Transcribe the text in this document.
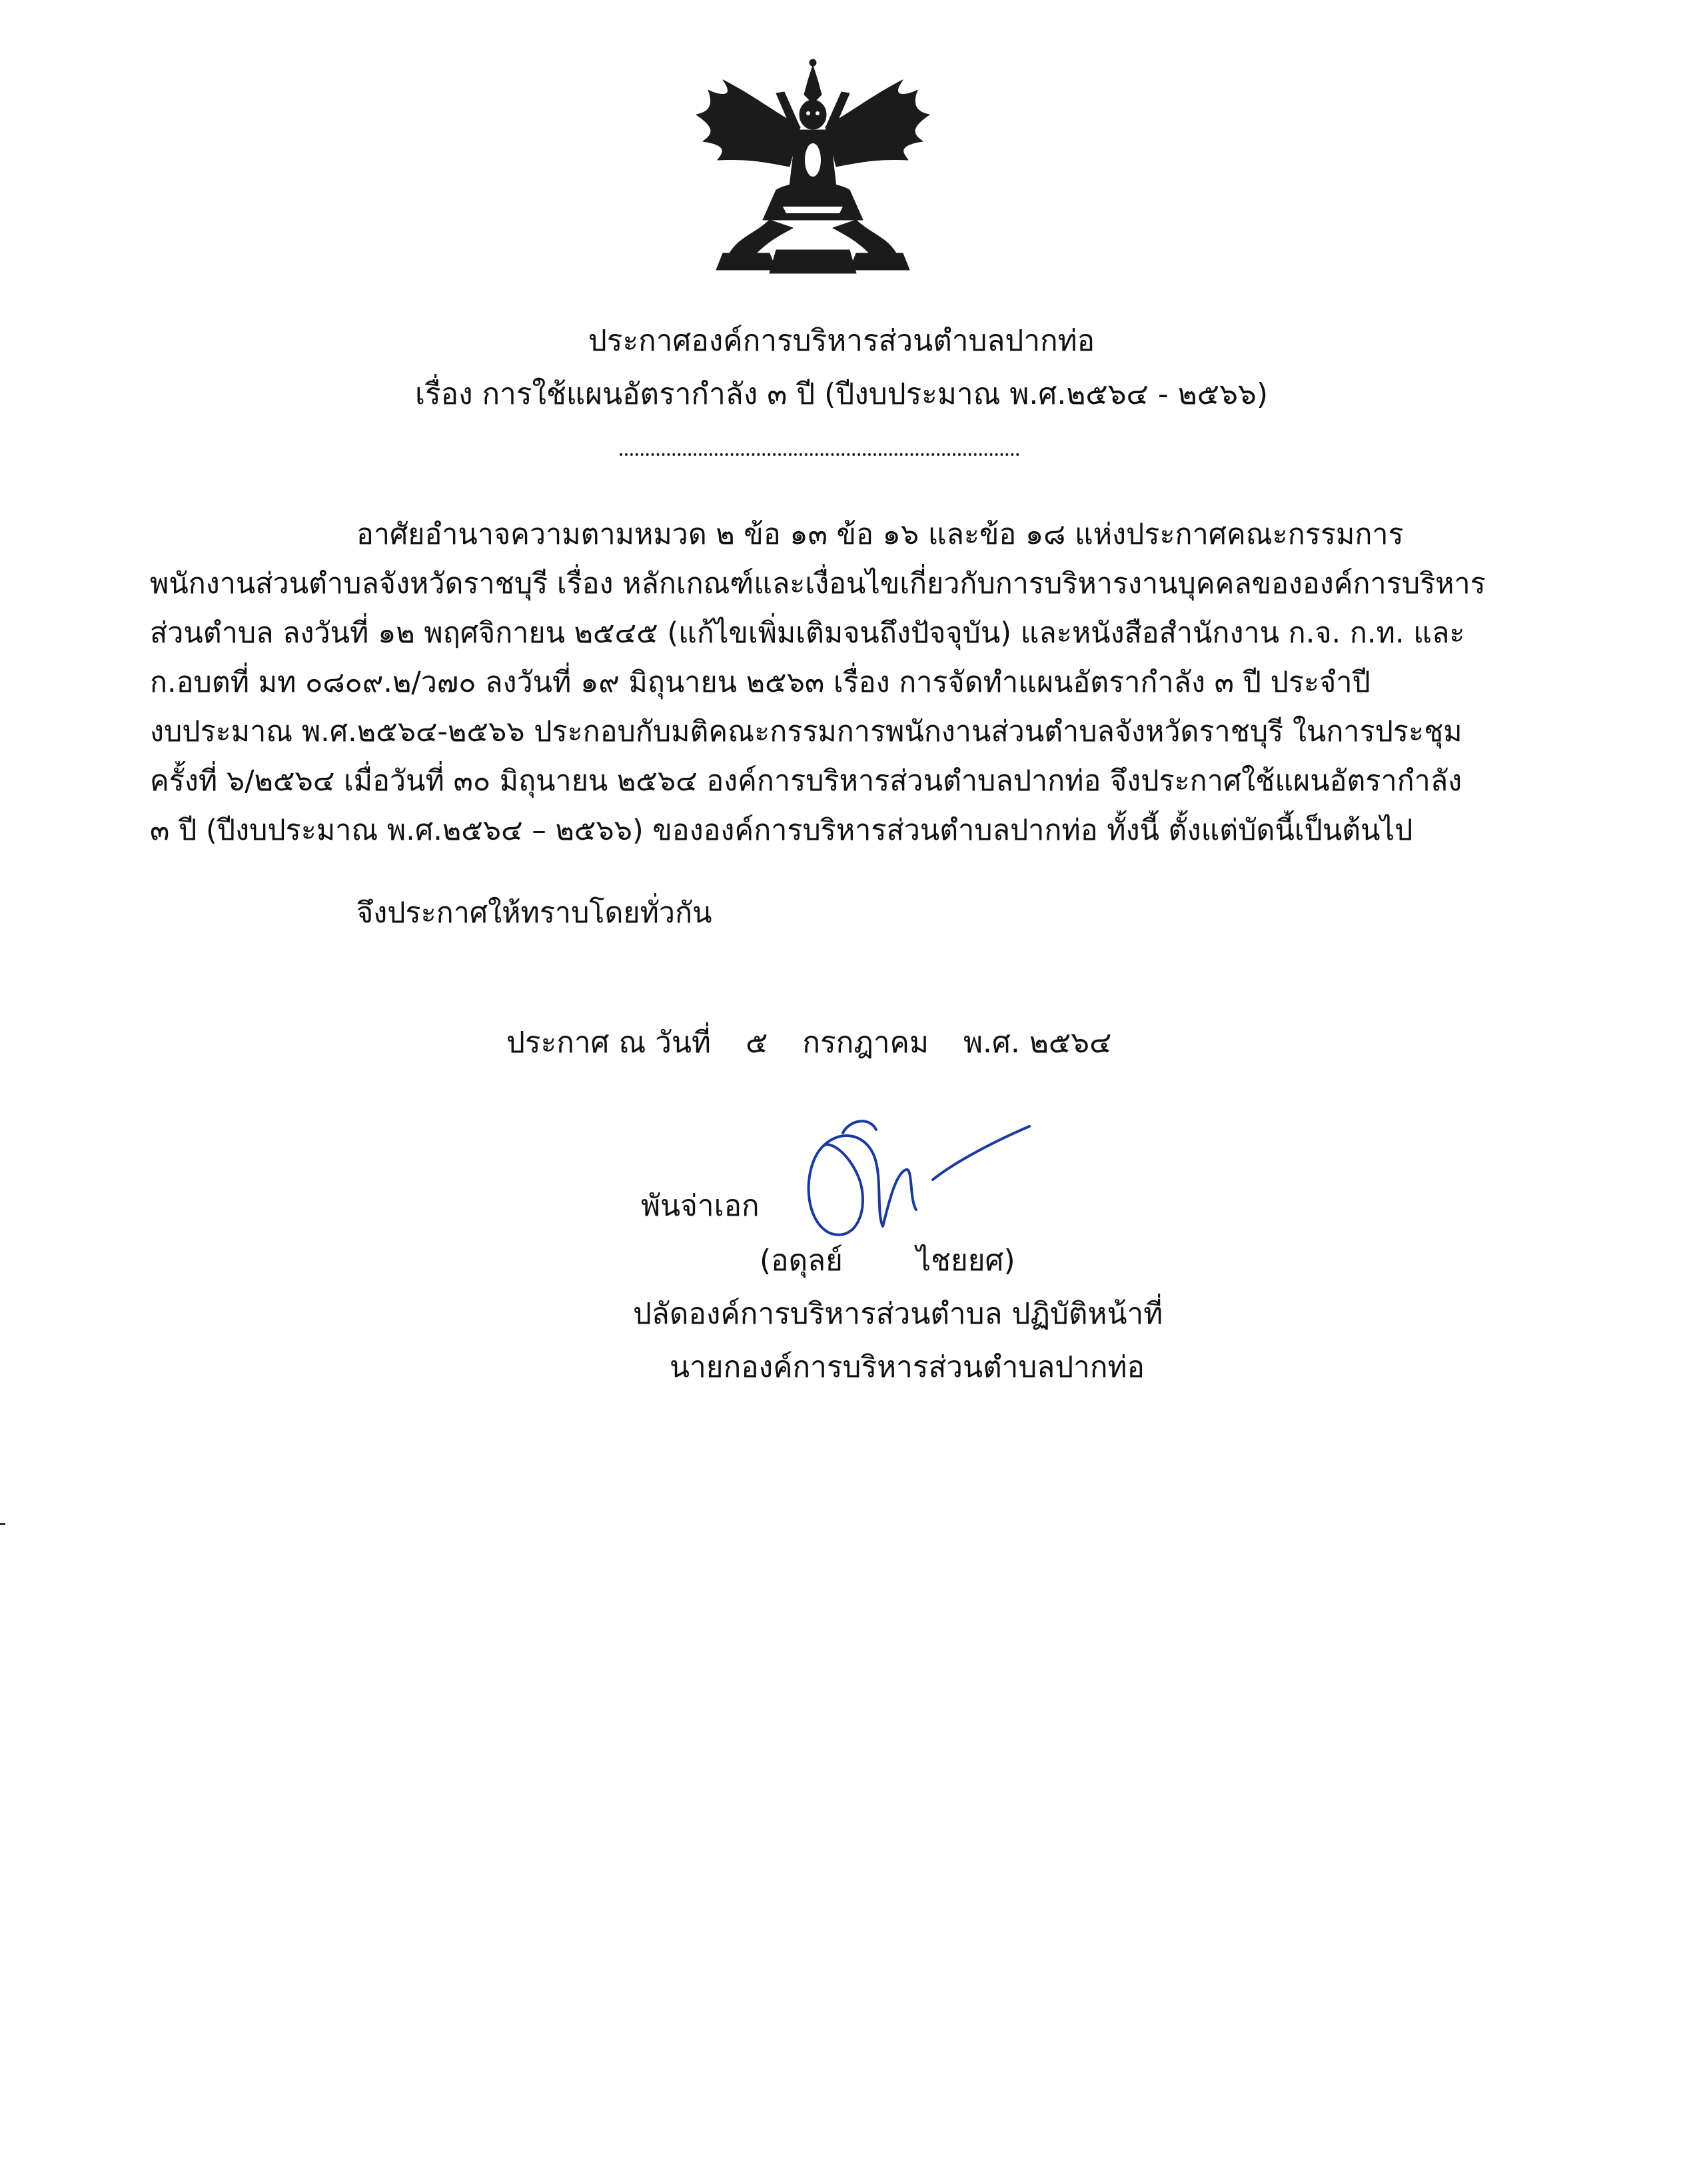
ประกาศองค์การบริหารส่วนตำบลปากท่อ
เรื่อง การใช้แผนอัตรากำลัง ๓ ปี (ปีงบประมาณ พ.ศ.๒๕๖๔ - ๒๕๖๖)
อาศัยอำนาจความตามหมวด ๒ ข้อ ๑๓ ข้อ ๑๖ และข้อ ๑๘ แห่งประกาศคณะกรรมการ
พนักงานส่วนตำบลจังหวัดราชบุรี เรื่อง หลักเกณฑ์และเงื่อนไขเกี่ยวกับการบริหารงานบุคคลขององค์การบริหาร
ส่วนตำบล ลงวันที่ ๑๒ พฤศจิกายน ๒๕๔๕ (แก้ไขเพิ่มเติมจนถึงปัจจุบัน) และหนังสือสำนักงาน ก.จ. ก.ท. และ
ก.อบตที่ มท ๐๘๐๙.๒/ว๗๐ ลงวันที่ ๑๙ มิถุนายน ๒๕๖๓ เรื่อง การจัดทำแผนอัตรากำลัง ๓ ปี ประจำปี
งบประมาณ พ.ศ.๒๕๖๔-๒๕๖๖ ประกอบกับมติคณะกรรมการพนักงานส่วนตำบลจังหวัดราชบุรี ในการประชุม
ครั้งที่ ๖/๒๕๖๔ เมื่อวันที่ ๓๐ มิถุนายน ๒๕๖๔ องค์การบริหารส่วนตำบลปากท่อ จึงประกาศใช้แผนอัตรากำลัง
๓ ปี (ปีงบประมาณ พ.ศ.๒๕๖๔ – ๒๕๖๖) ขององค์การบริหารส่วนตำบลปากท่อ ทั้งนี้ ตั้งแต่บัดนี้เป็นต้นไป
จึงประกาศให้ทราบโดยทั่วกัน
ประกาศ ณ วันที่ ๕ กรกฎาคม พ.ศ. ๒๕๖๔
พันจ่าเอก
(อดุลย์	ไชยยศ)
ปลัดองค์การบริหารส่วนตำบล ปฏิบัติหน้าที่
นายกองค์การบริหารส่วนตำบลปากท่อ
